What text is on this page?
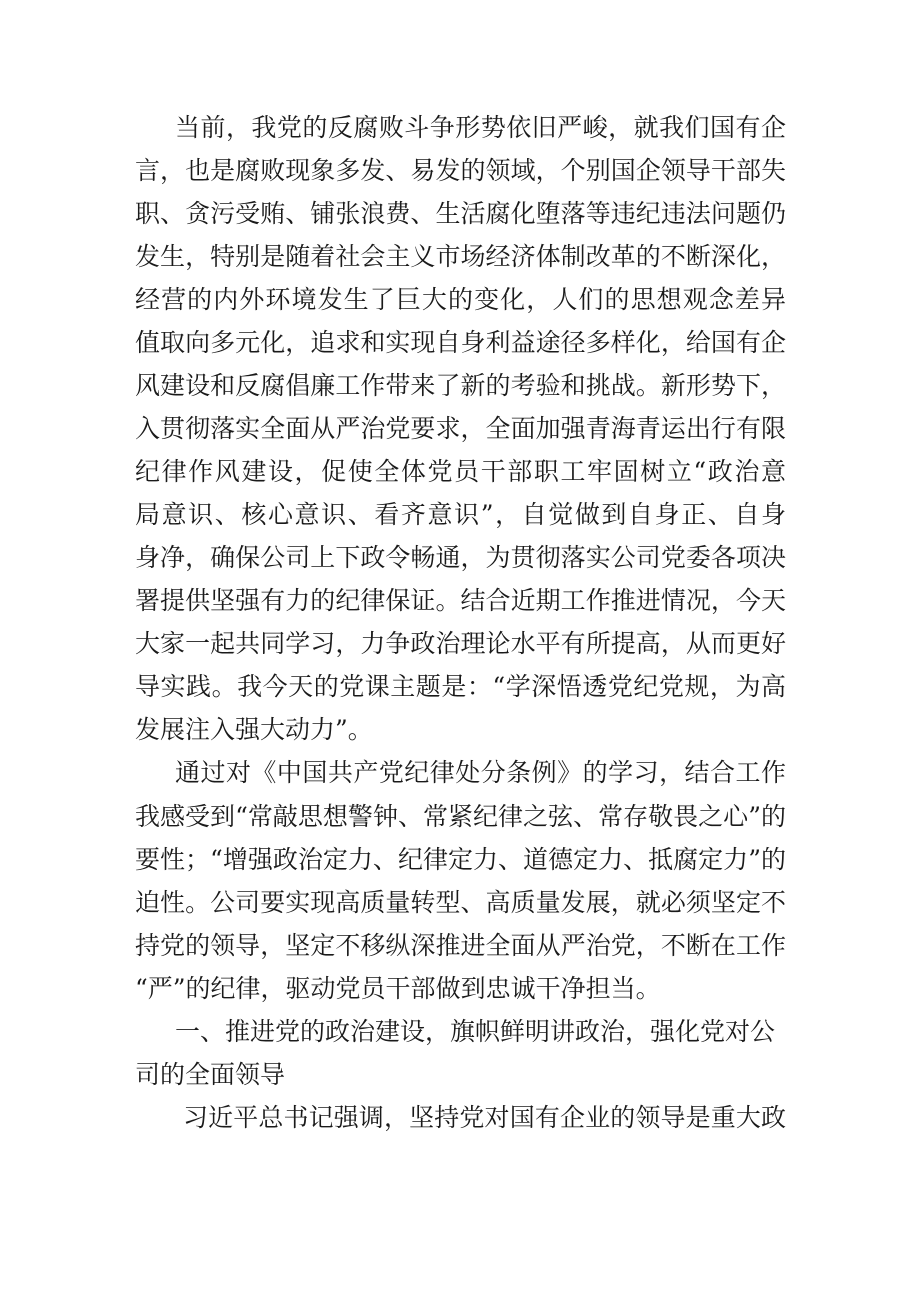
当前，我党的反腐败斗争形势依旧严峻，就我们国有企
言，也是腐败现象多发、易发的领域，个别国企领导干部失
职、贪污受贿、铺张浪费、生活腐化堕落等违纪违法问题仍
发生，特别是随着社会主义市场经济体制改革的不断深化，
经营的内外环境发生了巨大的变化，人们的思想观念差异
值取向多元化，追求和实现自身利益途径多样化，给国有企
风建设和反腐倡廉工作带来了新的考验和挑战。新形势下，
入贯彻落实全面从严治党要求，全面加强青海青运出行有限
纪律作风建设，促使全体党员干部职工牢固树立“政治意
局意识、核心意识、看齐意识”，自觉做到自身正、自身
身净，确保公司上下政令畅通，为贯彻落实公司党委各项决
署提供坚强有力的纪律保证。结合近期工作推进情况，今天
大家一起共同学习，力争政治理论水平有所提高，从而更好
导实践。我今天的党课主题是：“学深悟透党纪党规，为高
发展注入强大动力”。
通过对《中国共产党纪律处分条例》的学习，结合工作
我感受到“常敲思想警钟、常紧纪律之弦、常存敬畏之心”的
要性；“增强政治定力、纪律定力、道德定力、抵腐定力”的
迫性。公司要实现高质量转型、高质量发展，就必须坚定不
持党的领导，坚定不移纵深推进全面从严治党，不断在工作
“严”的纪律，驱动党员干部做到忠诚干净担当。
一、推进党的政治建设，旗帜鲜明讲政治，强化党对公
司的全面领导
习近平总书记强调，坚持党对国有企业的领导是重大政
